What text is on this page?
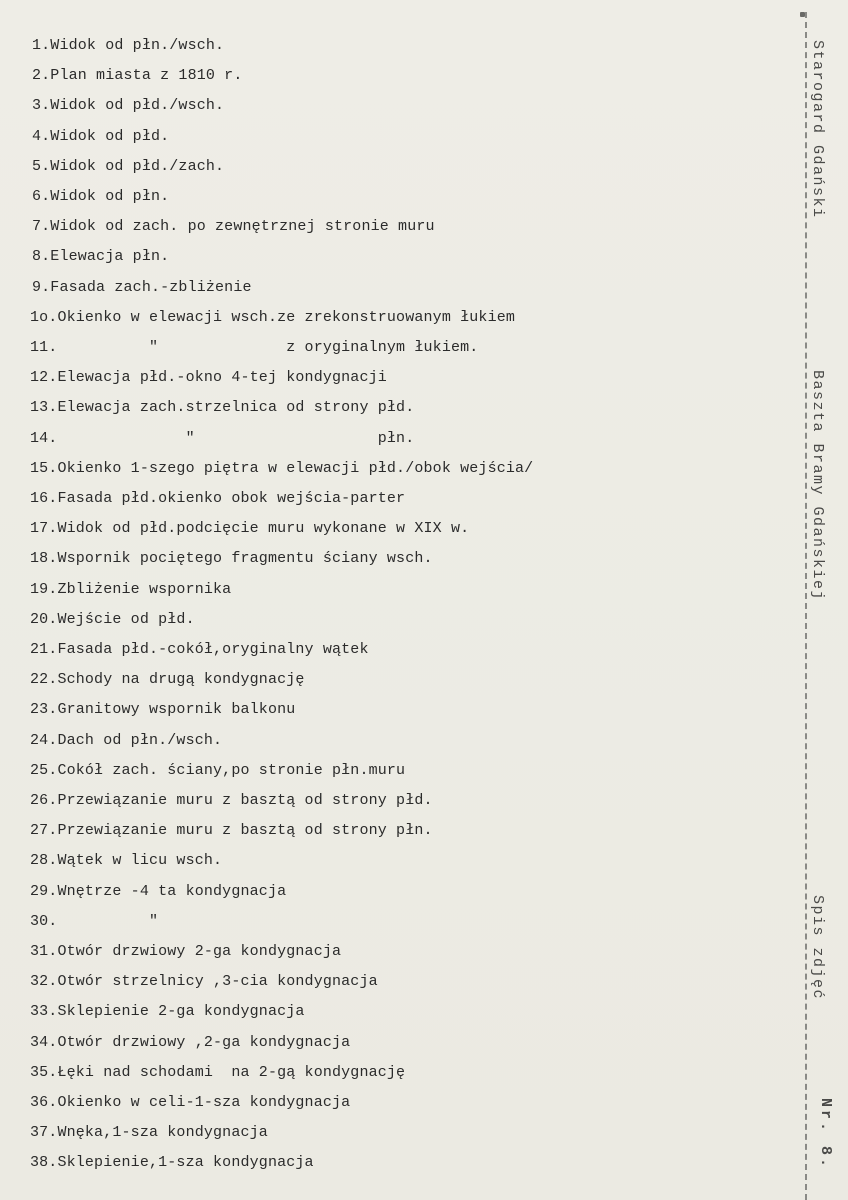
1.Widok od płn./wsch.
2.Plan miasta z 1810 r.
3.Widok od płd./wsch.
4.Widok od płd.
5.Widok od płd./zach.
6.Widok od płn.
7.Widok od zach. po zewnętrznej stronie muru
8.Elewacja płn.
9.Fasada zach.-zbliżenie
1o.Okienko w elewacji wsch.ze zrekonstruowanym łukiem
11.          "              z oryginalnym łukiem.
12.Elewacja płd.-okno 4-tej kondygnacji
13.Elewacja zach.strzelnica od strony płd.
14.              "                    płn.
15.Okienko 1-szego piętra w elewacji płd./obok wejścia/
16.Fasada płd.okienko obok wejścia-parter
17.Widok od płd.podcięcie muru wykonane w XIX w.
18.Wspornik pociętego fragmentu ściany wsch.
19.Zbliżenie wspornika
20.Wejście od płd.
21.Fasada płd.-cokół,oryginalny wątek
22.Schody na drugą kondygnację
23.Granitowy wspornik balkonu
24.Dach od płn./wsch.
25.Cokół zach. ściany,po stronie płn.muru
26.Przewiązanie muru z basztą od strony płd.
27.Przewiązanie muru z basztą od strony płn.
28.Wątek w licu wsch.
29.Wnętrze -4 ta kondygnacja
30.          "
31.Otwór drzwiowy 2-ga kondygnacja
32.Otwór strzelnicy ,3-cia kondygnacja
33.Sklepienie 2-ga kondygnacja
34.Otwór drzwiowy ,2-ga kondygnacja
35.Łęki nad schodami  na 2-gą kondygnację
36.Okienko w celi-1-sza kondygnacja
37.Wnęka,1-sza kondygnacja
38.Sklepienie,1-sza kondygnacja
Starogard Gdański
Baszta Bramy Gdańskiej
Spis zdjęć
Nr. 8.
